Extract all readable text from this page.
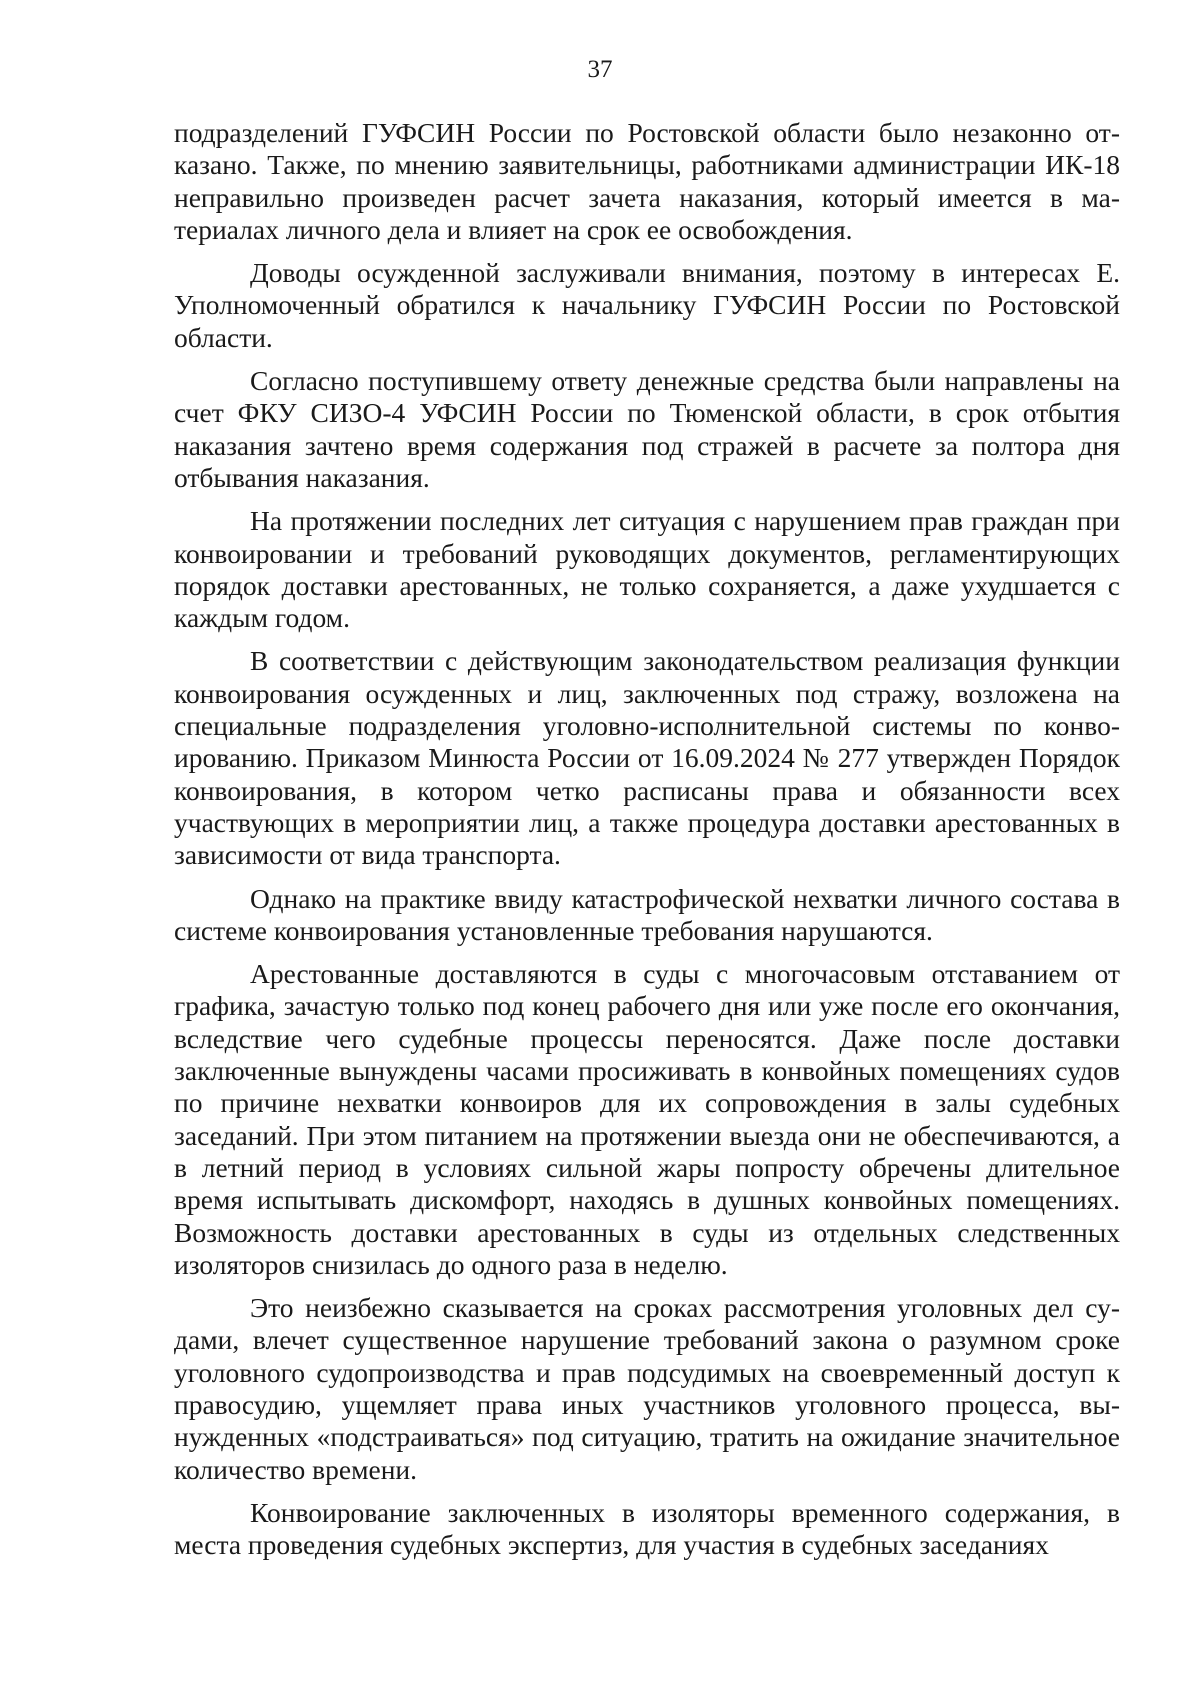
37

подразделений ГУФСИН России по Ростовской области было незаконно отказано. Также, по мнению заявительницы, работниками администрации ИК-18 неправильно произведен расчет зачета наказания, который имеется в материалах личного дела и влияет на срок ее освобождения.

Доводы осужденной заслуживали внимания, поэтому в интересах Е. Уполномоченный обратился к начальнику ГУФСИН России по Ростовской области.

Согласно поступившему ответу денежные средства были направлены на счет ФКУ СИЗО-4 УФСИН России по Тюменской области, в срок отбытия наказания зачтено время содержания под стражей в расчете за полтора дня отбывания наказания.

На протяжении последних лет ситуация с нарушением прав граждан при конвоировании и требований руководящих документов, регламентирующих порядок доставки арестованных, не только сохраняется, а даже ухудшается с каждым годом.

В соответствии с действующим законодательством реализация функции конвоирования осужденных и лиц, заключенных под стражу, возложена на специальные подразделения уголовно-исполнительной системы по конвоированию. Приказом Минюста России от 16.09.2024 № 277 утвержден Порядок конвоирования, в котором четко расписаны права и обязанности всех участвующих в мероприятии лиц, а также процедура доставки арестованных в зависимости от вида транспорта.

Однако на практике ввиду катастрофической нехватки личного состава в системе конвоирования установленные требования нарушаются.

Арестованные доставляются в суды с многочасовым отставанием от графика, зачастую только под конец рабочего дня или уже после его окончания, вследствие чего судебные процессы переносятся. Даже после доставки заключенные вынуждены часами просиживать в конвойных помещениях судов по причине нехватки конвоиров для их сопровождения в залы судебных заседаний. При этом питанием на протяжении выезда они не обеспечиваются, а в летний период в условиях сильной жары попросту обречены длительное время испытывать дискомфорт, находясь в душных конвойных помещениях. Возможность доставки арестованных в суды из отдельных следственных изоляторов снизилась до одного раза в неделю.

Это неизбежно сказывается на сроках рассмотрения уголовных дел судами, влечет существенное нарушение требований закона о разумном сроке уголовного судопроизводства и прав подсудимых на своевременный доступ к правосудию, ущемляет права иных участников уголовного процесса, вынужденных «подстраиваться» под ситуацию, тратить на ожидание значительное количество времени.

Конвоирование заключенных в изоляторы временного содержания, в места проведения судебных экспертиз, для участия в судебных заседаниях
